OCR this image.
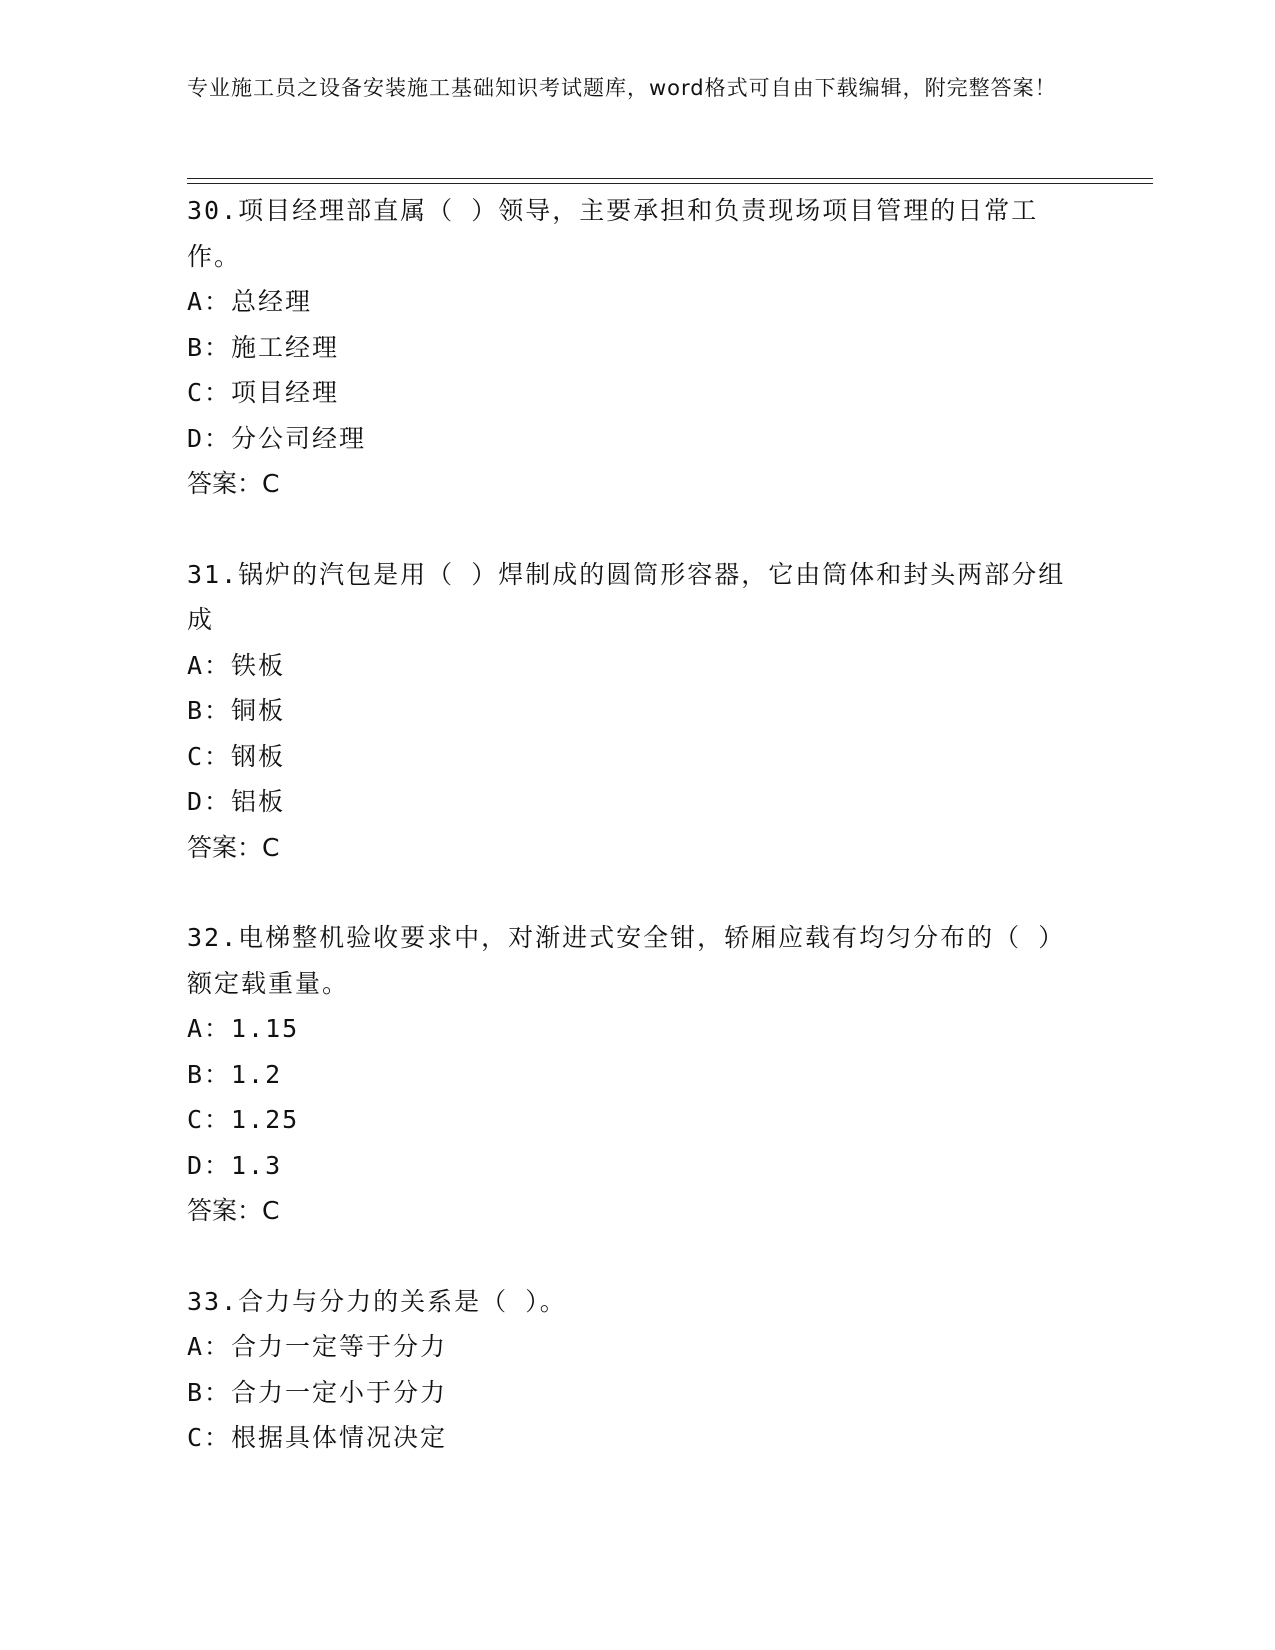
专业施工员之设备安装施工基础知识考试题库，word格式可自由下载编辑，附完整答案！

30.项目经理部直属（ ）领导，主要承担和负责现场项目管理的日常工作。

A：总经理

B：施工经理

C：项目经理

D：分公司经理

答案：C

31.锅炉的汽包是用（ ）焊制成的圆筒形容器，它由筒体和封头两部分组成

A：铁板

B：铜板

C：钢板

D：铝板

答案：C

32.电梯整机验收要求中，对渐进式安全钳，轿厢应载有均匀分布的（ ）额定载重量。

A：1.15

B：1.2

C：1.25

D：1.3

答案：C

33.合力与分力的关系是（ ）。

A：合力一定等于分力

B：合力一定小于分力

C：根据具体情况决定
